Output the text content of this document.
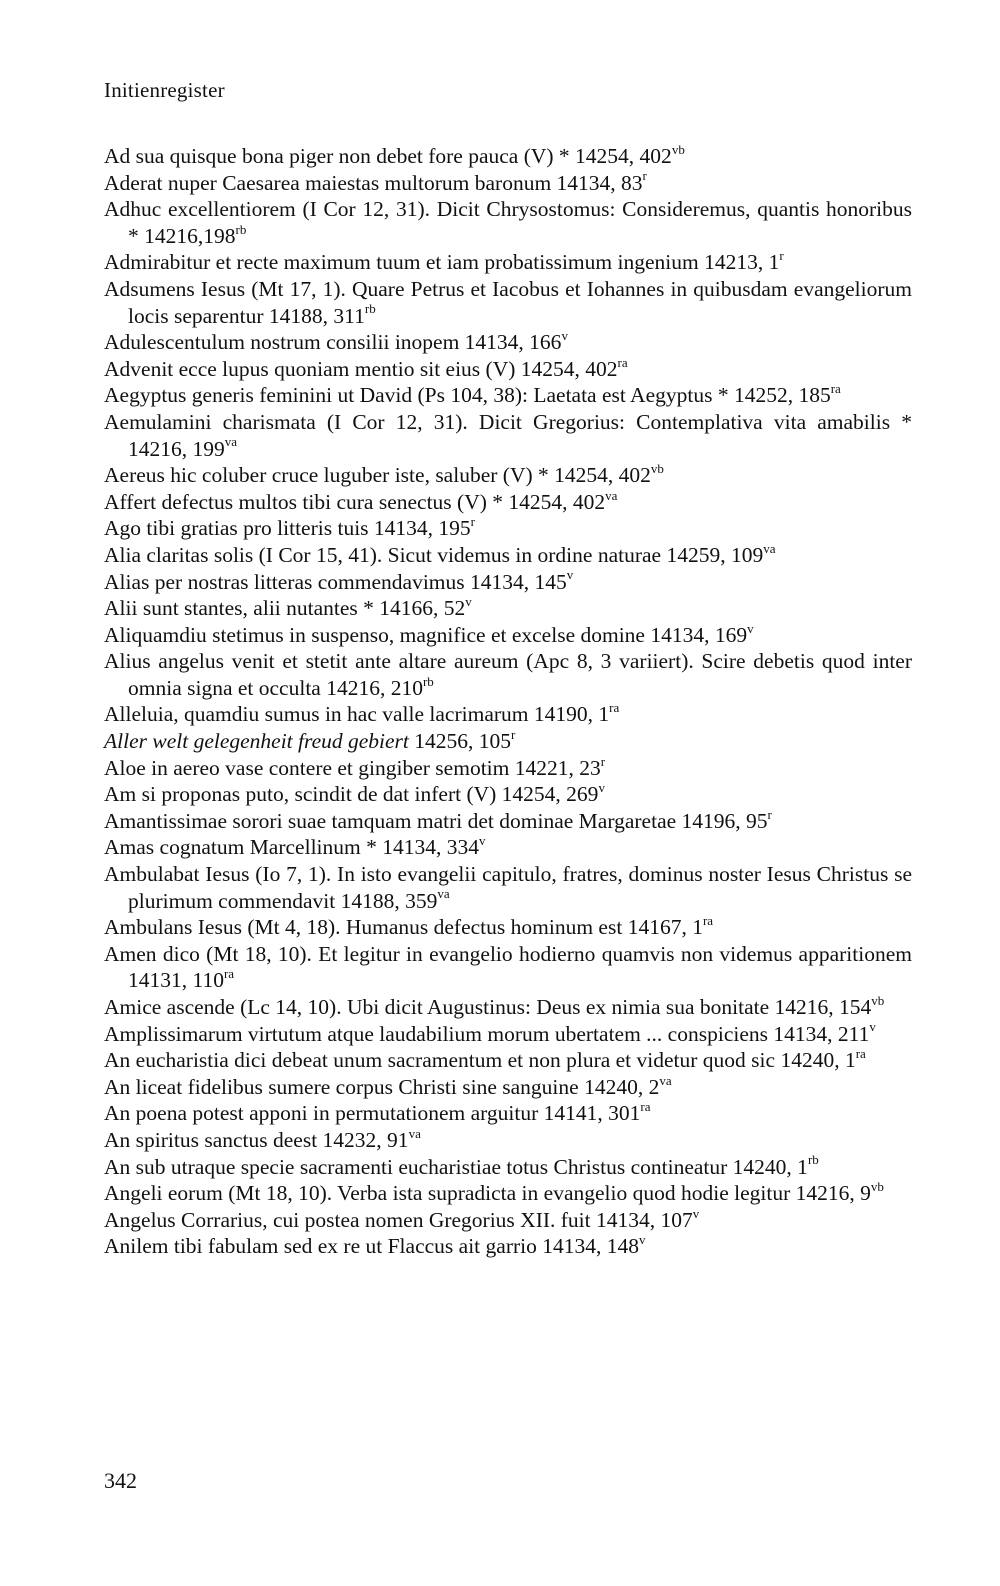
Initienregister

Ad sua quisque bona piger non debet fore pauca (V) * 14254, $402^{vb}$

Aderat nuper Caesarea maiestas multorum baronum 14134, 83$^r$

Adhuc excellentiorem (I Cor 12, 31). Dicit Chrysostomus: Consideremus, quantis honoribus * $14216,198^{rb}$

Admirabitur et recte maximum tuum et iam probatissimum ingenium 14213, 1$^r$

Adsumens Iesus (Mt 17, 1). Quare Petrus et Iacobus et Iohannes in quibusdam evangeliorum locis separentur 14188, $311^{rb}$

Adulescentulum nostrum consilii inopem 14134, 166$^v$

Advenit ecce lupus quoniam mentio sit eius (V) 14254, $402^{ra}$

Aegyptus generis feminini ut David (Ps 104, 38): Laetata est Aegyptus * 14252, $185^{ra}$

Aemulamini charismata (I Cor 12, 31). Dicit Gregorius: Contemplativa vita amabilis * 14216, $199^{va}$

Aereus hic coluber cruce luguber iste, saluber (V) * 14254, $402^{vb}$

Affert defectus multos tibi cura senectus (V) * 14254, $402^{va}$

Ago tibi gratias pro litteris tuis 14134, 195$^r$

Alia claritas solis (I Cor 15, 41). Sicut videmus in ordine naturae 14259, $109^{va}$

Alias per nostras litteras commendavimus 14134, 145$^v$

Alii sunt stantes, alii nutantes * 14166, 52$^v$

Aliquamdiu stetimus in suspenso, magnifice et excelse domine 14134, 169$^v$

Alius angelus venit et stetit ante altare aureum (Apc 8, 3 variiert). Scire debetis quod inter omnia signa et occulta 14216, $210^{rb}$

Alleluia, quamdiu sumus in hac valle lacrimarum 14190, $1^{ra}$

Aller welt gelegenheit freud gebiert 14256, 105$^r$

Aloe in aereo vase contere et gingiber semotim 14221, 23$^r$

Am si proponas puto, scindit de dat infert (V) 14254, 269$^v$

Amantissimae sorori suae tamquam matri det dominae Margaretae 14196, 95$^r$

Amas cognatum Marcellinum * 14134, 334$^v$

Ambulabat Iesus (Io 7, 1). In isto evangelii capitulo, fratres, dominus noster Iesus Christus se plurimum commendavit 14188, $359^{va}$

Ambulans Iesus (Mt 4, 18). Humanus defectus hominum est 14167, $1^{ra}$

Amen dico (Mt 18, 10). Et legitur in evangelio hodierno quamvis non videmus apparitionem 14131, $110^{ra}$

Amice ascende (Lc 14, 10). Ubi dicit Augustinus: Deus ex nimia sua bonitate 14216, $154^{vb}$

Amplissimarum virtutum atque laudabilium morum ubertatem ... conspiciens 14134, 211$^v$

An eucharistia dici debeat unum sacramentum et non plura et videtur quod sic 14240, $1^{ra}$

An liceat fidelibus sumere corpus Christi sine sanguine 14240, $2^{va}$

An poena potest apponi in permutationem arguitur 14141, $301^{ra}$

An spiritus sanctus deest 14232, $91^{va}$

An sub utraque specie sacramenti eucharistiae totus Christus contineatur 14240, $1^{rb}$

Angeli eorum (Mt 18, 10). Verba ista supradicta in evangelio quod hodie legitur 14216, $9^{vb}$

Angelus Corrarius, cui postea nomen Gregorius XII. fuit 14134, 107$^v$

Anilem tibi fabulam sed ex re ut Flaccus ait garrio 14134, 148$^v$

342
